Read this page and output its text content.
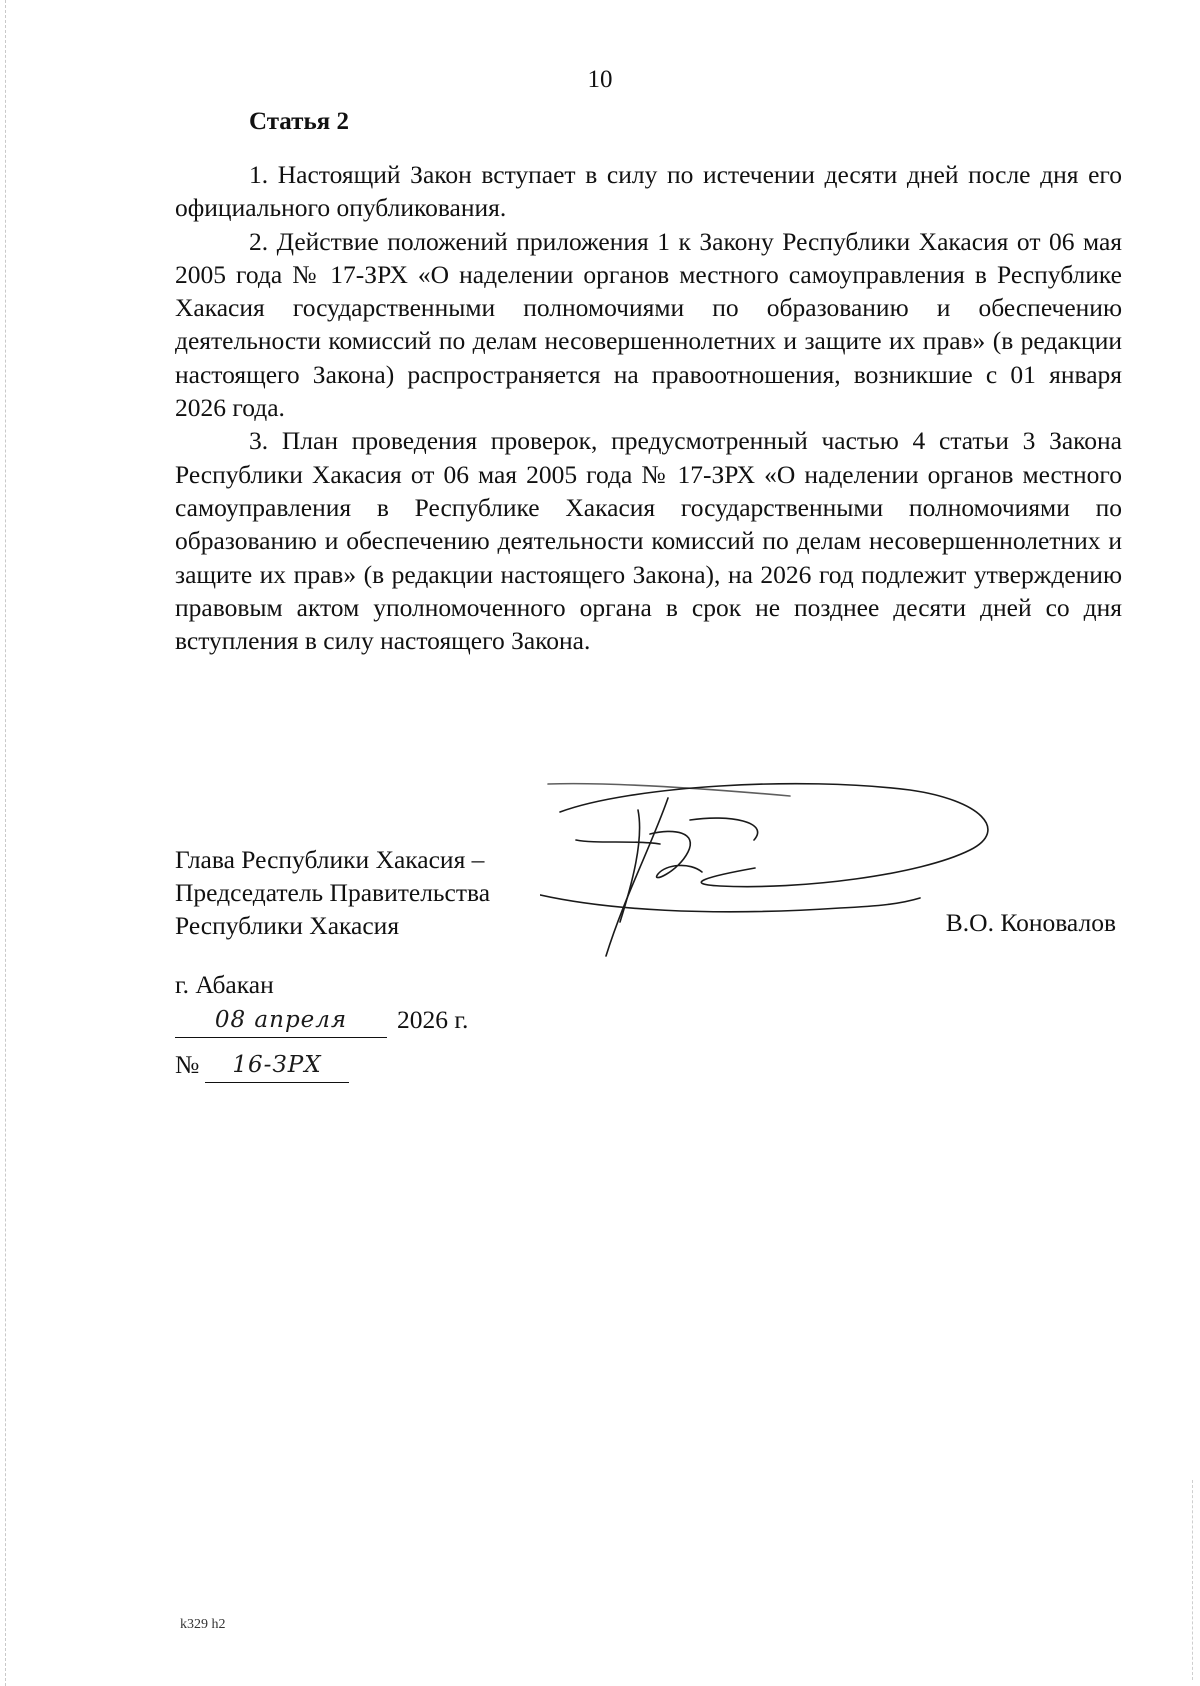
10
Статья 2

1. Настоящий Закон вступает в силу по истечении десяти дней после дня его официального опубликования.

2. Действие положений приложения 1 к Закону Республики Хакасия от 06 мая 2005 года № 17-ЗРХ «О наделении органов местного самоуправления в Республике Хакасия государственными полномочиями по образованию и обеспечению деятельности комиссий по делам несовершеннолетних и защите их прав» (в редакции настоящего Закона) распространяется на правоотношения, возникшие с 01 января 2026 года.

3. План проведения проверок, предусмотренный частью 4 статьи 3 Закона Республики Хакасия от 06 мая 2005 года № 17-ЗРХ «О наделении органов местного самоуправления в Республике Хакасия государственными полномочиями по образованию и обеспечению деятельности комиссий по делам несовершеннолетних и защите их прав» (в редакции настоящего Закона), на 2026 год подлежит утверждению правовым актом уполномоченного органа в срок не позднее десяти дней со дня вступления в силу настоящего Закона.

Глава Республики Хакасия –
Председатель Правительства
Республики Хакасия	В.О. Коновалов
г. Абакан
08 апреля	2026 г.
№	16-ЗРХ
k329 h2
